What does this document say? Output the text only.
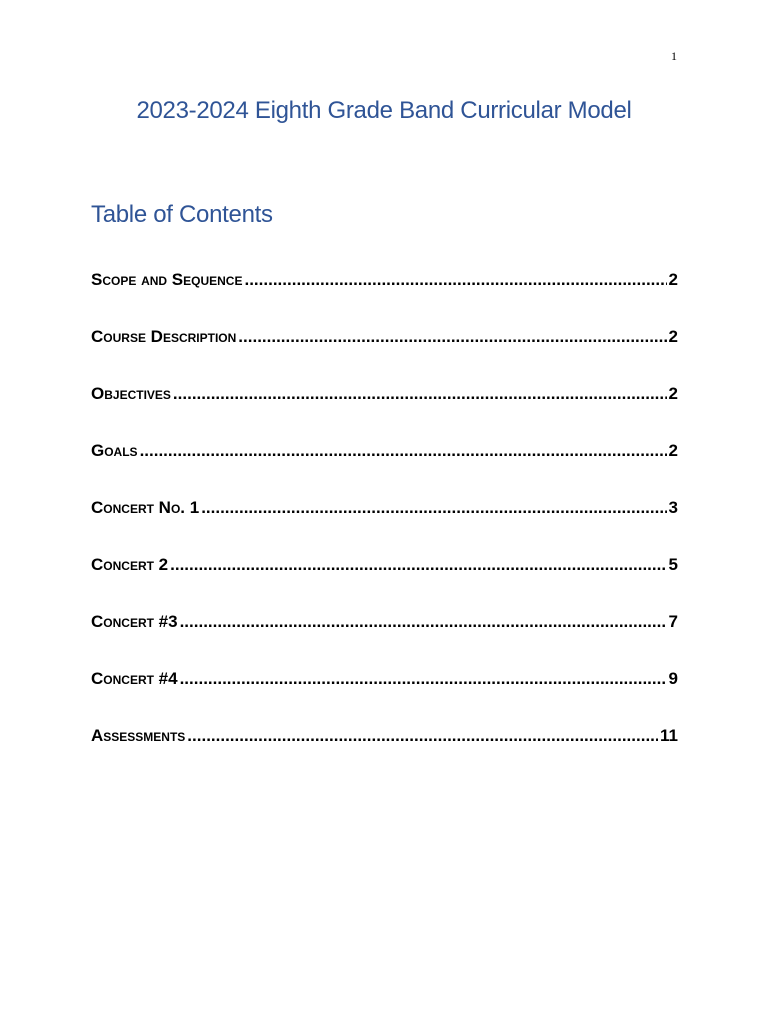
1
2023-2024 Eighth Grade Band Curricular Model
Table of Contents
Scope and Sequence .....	2
Course Description .....	2
Objectives .....	2
Goals .....	2
Concert No. 1 .....	3
Concert 2 .....	5
Concert #3 .....	7
Concert #4 .....	9
Assessments .....	11
